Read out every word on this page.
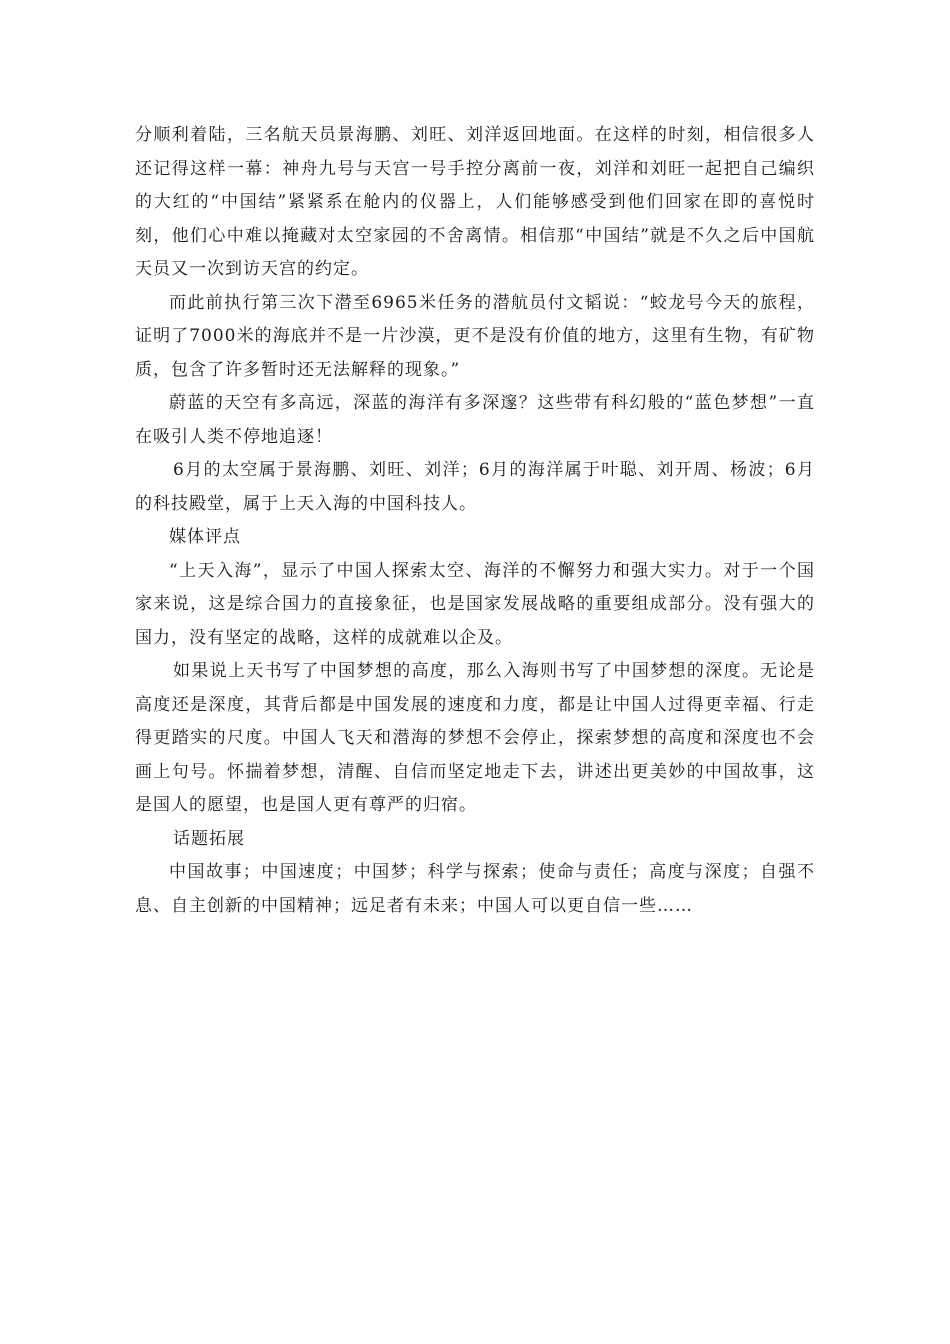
分顺利着陆，三名航天员景海鹏、刘旺、刘洋返回地面。在这样的时刻，相信很多人还记得这样一幕：神舟九号与天宫一号手控分离前一夜，刘洋和刘旺一起把自己编织的大红的“中国结”紧紧系在舱内的仪器上，人们能够感受到他们回家在即的喜悦时刻，他们心中难以掩藏对太空家园的不舍离情。相信那“中国结”就是不久之后中国航天员又一次到访天宫的约定。

而此前执行第三次下潜至6965米任务的潜航员付文韬说：“蛟龙号今天的旅程，证明了7000米的海底并不是一片沙漠，更不是没有价值的地方，这里有生物，有矿物质，包含了许多暂时还无法解释的现象。”

蔚蓝的天空有多高远，深蓝的海洋有多深邃？这些带有科幻般的“蓝色梦想”一直在吸引人类不停地追逐！

6月的太空属于景海鹏、刘旺、刘洋；6月的海洋属于叶聪、刘开周、杨波；6月的科技殿堂，属于上天入海的中国科技人。

媒体评点

“上天入海”，显示了中国人探索太空、海洋的不懈努力和强大实力。对于一个国家来说，这是综合国力的直接象征，也是国家发展战略的重要组成部分。没有强大的国力，没有坚定的战略，这样的成就难以企及。

如果说上天书写了中国梦想的高度，那么入海则书写了中国梦想的深度。无论是高度还是深度，其背后都是中国发展的速度和力度，都是让中国人过得更幸福、行走得更踏实的尺度。中国人飞天和潜海的梦想不会停止，探索梦想的高度和深度也不会画上句号。怀揣着梦想，清醒、自信而坚定地走下去，讲述出更美妙的中国故事，这是国人的愿望，也是国人更有尊严的归宿。

话题拓展

中国故事；中国速度；中国梦；科学与探索；使命与责任；高度与深度；自强不息、自主创新的中国精神；远足者有未来；中国人可以更自信一些……
